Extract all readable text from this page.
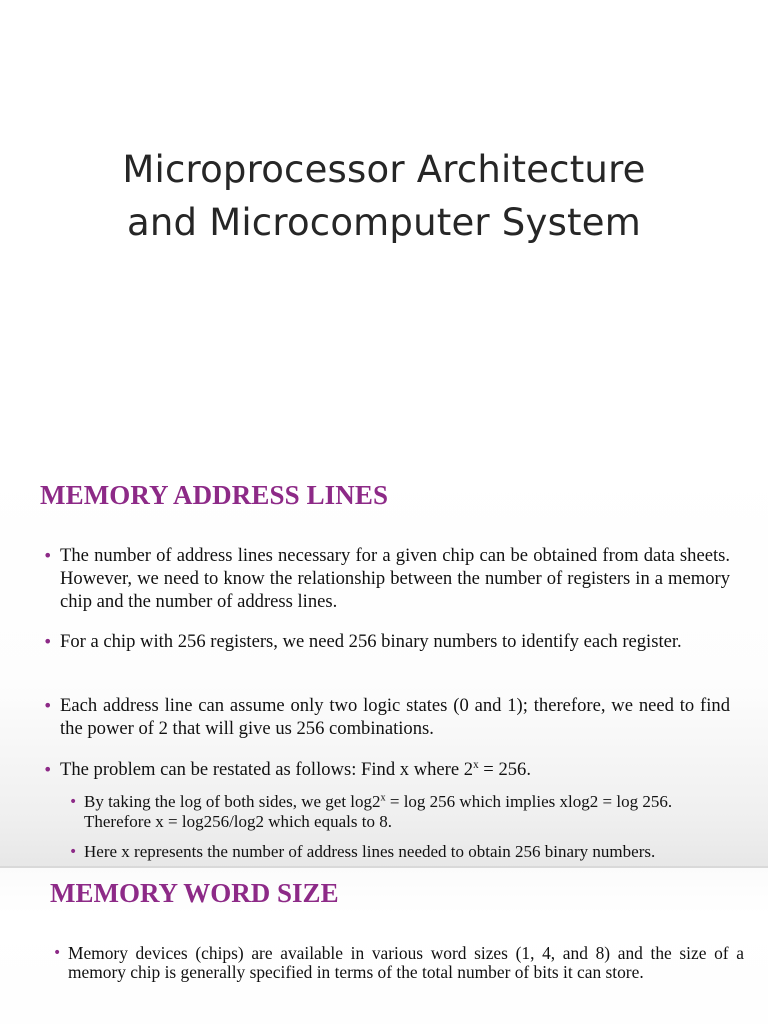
Microprocessor Architecture
and Microcomputer System
MEMORY ADDRESS LINES
• The number of address lines necessary for a given chip can be obtained from data sheets. However, we need to know the relationship between the number of registers in a memory chip and the number of address lines.
• For a chip with 256 registers, we need 256 binary numbers to identify each register.
• Each address line can assume only two logic states (0 and 1); therefore, we need to find the power of 2 that will give us 256 combinations.
• The problem can be restated as follows: Find x where $2^x = 256$.
• By taking the log of both sides, we get $\log 2^x = \log 256$ which implies xlog2 = log 256.
Therefore x = log256/log2 which equals to 8.
• Here x represents the number of address lines needed to obtain 256 binary numbers.
MEMORY WORD SIZE
• Memory devices (chips) are available in various word sizes (1, 4, and 8) and the size of a memory chip is generally specified in terms of the total number of bits it can store.
